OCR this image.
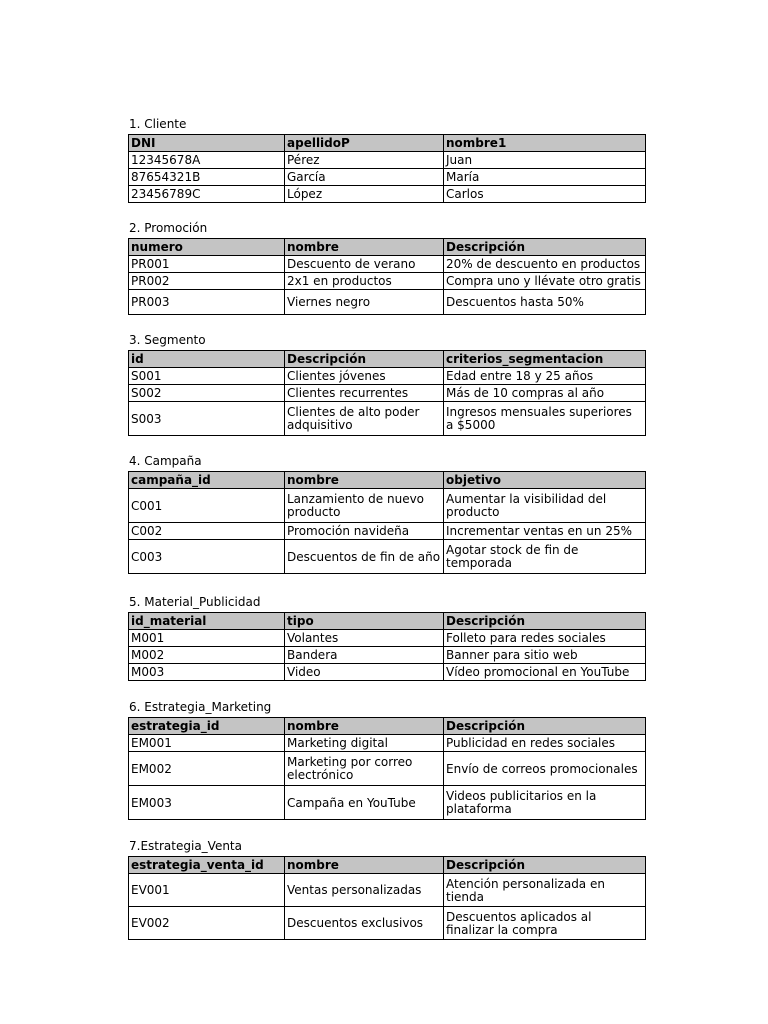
1. Cliente
DNI	apellidoP	nombre1
12345678A	Pérez	Juan
87654321B	García	María
23456789C	López	Carlos
2. Promoción
numero	nombre	Descripción
PR001	Descuento de verano	20% de descuento en productos
PR002	2x1 en productos	Compra uno y llévate otro gratis
PR003	Viernes negro	Descuentos hasta 50%
3. Segmento
id	Descripción	criterios_segmentacion
S001	Clientes jóvenes	Edad entre 18 y 25 años
S002	Clientes recurrentes	Más de 10 compras al año
S003	Clientes de alto poder adquisitivo	Ingresos mensuales superiores a $5000
4. Campaña
campaña_id	nombre	objetivo
C001	Lanzamiento de nuevo producto	Aumentar la visibilidad del producto
C002	Promoción navideña	Incrementar ventas en un 25%
C003	Descuentos de fin de año	Agotar stock de fin de temporada
5. Material_Publicidad
id_material	tipo	Descripción
M001	Volantes	Folleto para redes sociales
M002	Bandera	Banner para sitio web
M003	Video	Vídeo promocional en YouTube
6. Estrategia_Marketing
estrategia_id	nombre	Descripción
EM001	Marketing digital	Publicidad en redes sociales
EM002	Marketing por correo electrónico	Envío de correos promocionales
EM003	Campaña en YouTube	Videos publicitarios en la plataforma
7.Estrategia_Venta
estrategia_venta_id	nombre	Descripción
EV001	Ventas personalizadas	Atención personalizada en tienda
EV002	Descuentos exclusivos	Descuentos aplicados al finalizar la compra
